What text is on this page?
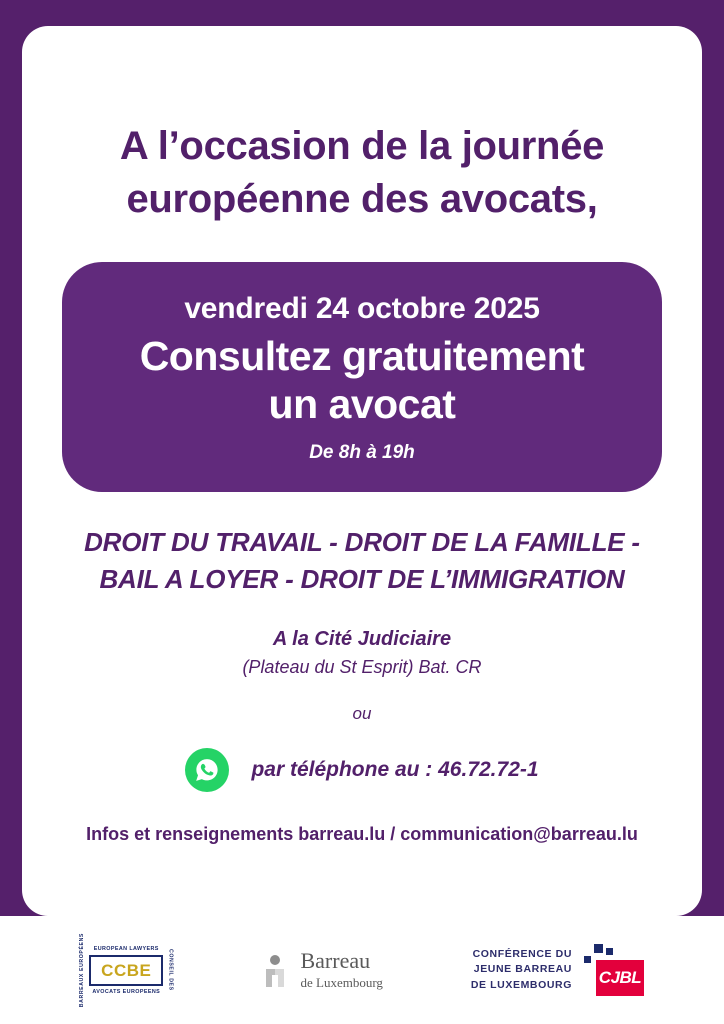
A l’occasion de la journée européenne des avocats,
vendredi 24 octobre 2025
Consultez gratuitement
un avocat
De 8h à 19h
DROIT DU TRAVAIL - DROIT DE LA FAMILLE -
BAIL A LOYER - DROIT DE L’IMMIGRATION
A la Cité Judiciaire
(Plateau du St Esprit) Bat. CR
ou
par téléphone au : 46.72.72-1
Infos et renseignements barreau.lu / communication@barreau.lu
BARREAUX EUROPÉENS	EUROPEAN LAWYERS
CCBE
AVOCATS EUROPEENS
CONSEIL DES	Barreau
de Luxembourg
CONFÉRENCE DU
JEUNE BARREAU
DE LUXEMBOURG CJBL
